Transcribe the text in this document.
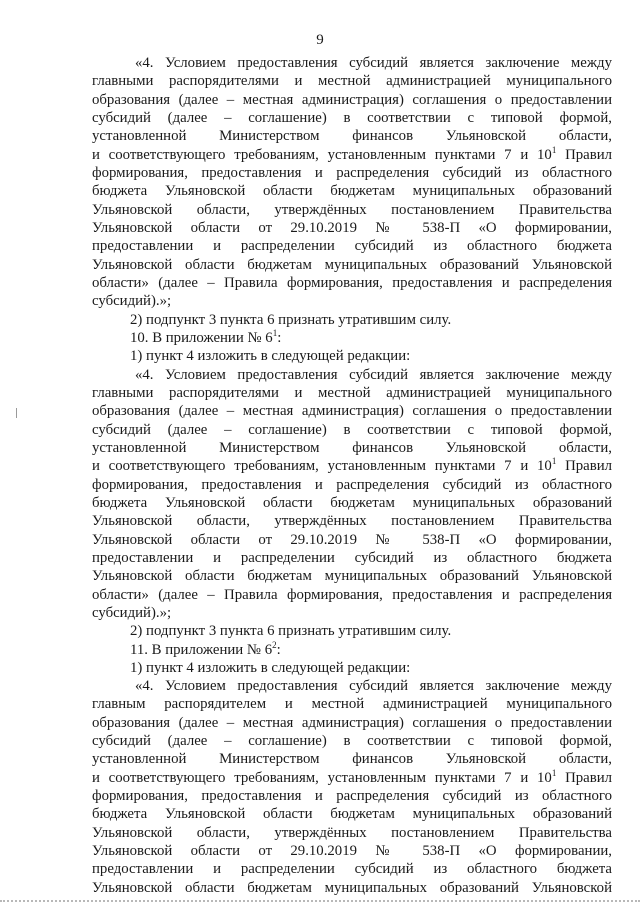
9
«4. Условием предоставления субсидий является заключение между
главными распорядителями и местной администрацией муниципального
образования (далее – местная администрация) соглашения о предоставлении
субсидий (далее – соглашение) в соответствии с типовой формой,
установленной Министерством финансов Ульяновской области,
и соответствующего требованиям, установленным пунктами 7 и $10^1$ Правил
формирования, предоставления и распределения субсидий из областного
бюджета Ульяновской области бюджетам муниципальных образований
Ульяновской области, утверждённых постановлением Правительства
Ульяновской области от 29.10.2019 № 538-П «О формировании,
предоставлении и распределении субсидий из областного бюджета
Ульяновской области бюджетам муниципальных образований Ульяновской
области» (далее – Правила формирования, предоставления и распределения
субсидий).»;
2) подпункт 3 пункта 6 признать утратившим силу.
10. В приложении № $6^1$:
1) пункт 4 изложить в следующей редакции:
«4. Условием предоставления субсидий является заключение между
главными распорядителями и местной администрацией муниципального
образования (далее – местная администрация) соглашения о предоставлении
субсидий (далее – соглашение) в соответствии с типовой формой,
установленной Министерством финансов Ульяновской области,
и соответствующего требованиям, установленным пунктами 7 и $10^1$ Правил
формирования, предоставления и распределения субсидий из областного
бюджета Ульяновской области бюджетам муниципальных образований
Ульяновской области, утверждённых постановлением Правительства
Ульяновской области от 29.10.2019 № 538-П «О формировании,
предоставлении и распределении субсидий из областного бюджета
Ульяновской области бюджетам муниципальных образований Ульяновской
области» (далее – Правила формирования, предоставления и распределения
субсидий).»;
2) подпункт 3 пункта 6 признать утратившим силу.
11. В приложении № $6^2$:
1) пункт 4 изложить в следующей редакции:
«4. Условием предоставления субсидий является заключение между
главным распорядителем и местной администрацией муниципального
образования (далее – местная администрация) соглашения о предоставлении
субсидий (далее – соглашение) в соответствии с типовой формой,
установленной Министерством финансов Ульяновской области,
и соответствующего требованиям, установленным пунктами 7 и $10^1$ Правил
формирования, предоставления и распределения субсидий из областного
бюджета Ульяновской области бюджетам муниципальных образований
Ульяновской области, утверждённых постановлением Правительства
Ульяновской области от 29.10.2019 № 538-П «О формировании,
предоставлении и распределении субсидий из областного бюджета
Ульяновской области бюджетам муниципальных образований Ульяновской
